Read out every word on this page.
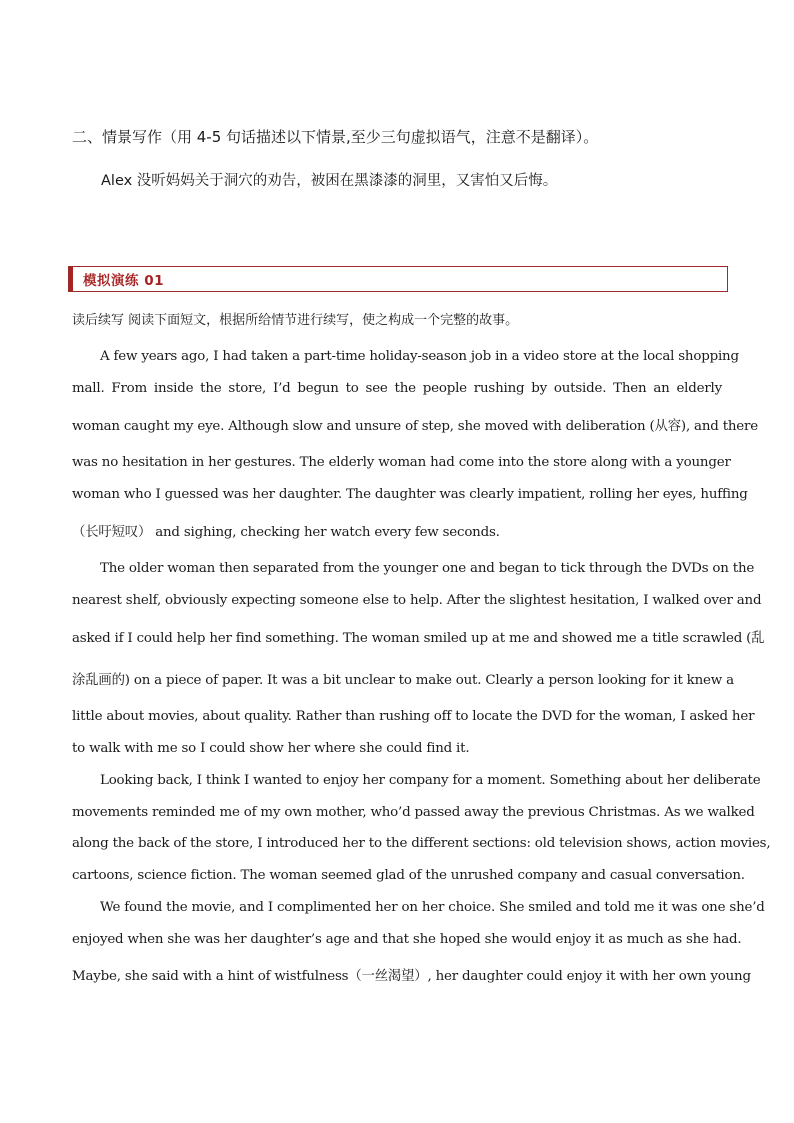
二、情景写作（用 4-5 句话描述以下情景,至少三句虚拟语气，注意不是翻译）。
Alex 没听妈妈关于洞穴的劝告，被困在黑漆漆的洞里，又害怕又后悔。
模拟演练 01
读后续写 阅读下面短文，根据所给情节进行续写，使之构成一个完整的故事。
A few years ago, I had taken a part-time holiday-season job in a video store at the local shopping
mall. From inside the store, I’d begun to see the people rushing by outside. Then an elderly
woman caught my eye. Although slow and unsure of step, she moved with deliberation (从容), and there
was no hesitation in her gestures. The elderly woman had come into the store along with a younger
woman who I guessed was her daughter. The daughter was clearly impatient, rolling her eyes, huffing
（长吁短叹） and sighing, checking her watch every few seconds.
The older woman then separated from the younger one and began to tick through the DVDs on the
nearest shelf, obviously expecting someone else to help. After the slightest hesitation, I walked over and
asked if I could help her find something. The woman smiled up at me and showed me a title scrawled (乱
涂乱画的) on a piece of paper. It was a bit unclear to make out. Clearly a person looking for it knew a
little about movies, about quality. Rather than rushing off to locate the DVD for the woman, I asked her
to walk with me so I could show her where she could find it.
Looking back, I think I wanted to enjoy her company for a moment. Something about her deliberate
movements reminded me of my own mother, who’d passed away the previous Christmas. As we walked
along the back of the store, I introduced her to the different sections: old television shows, action movies,
cartoons, science fiction. The woman seemed glad of the unrushed company and casual conversation.
We found the movie, and I complimented her on her choice. She smiled and told me it was one she’d
enjoyed when she was her daughter’s age and that she hoped she would enjoy it as much as she had.
Maybe, she said with a hint of wistfulness（一丝渴望）, her daughter could enjoy it with her own young
